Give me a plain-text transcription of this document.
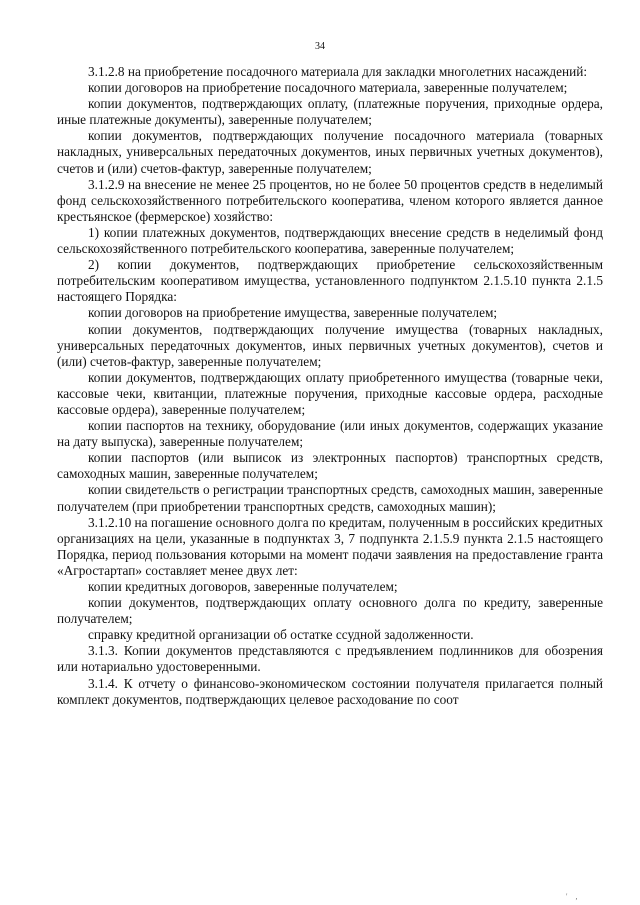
34

3.1.2.8 на приобретение посадочного материала для закладки многолетних насаждений:

копии договоров на приобретение посадочного материала, заверенные получателем;

копии документов, подтверждающих оплату, (платежные поручения, приходные ордера, иные платежные документы), заверенные получателем;

копии документов, подтверждающих получение посадочного материала (товарных накладных, универсальных передаточных документов, иных первичных учетных документов), счетов и (или) счетов-фактур, заверенные получателем;

3.1.2.9 на внесение не менее 25 процентов, но не более 50 процентов средств в неделимый фонд сельскохозяйственного потребительского кооператива, членом которого является данное крестьянское (фермерское) хозяйство:

1) копии платежных документов, подтверждающих внесение средств в неделимый фонд сельскохозяйственного потребительского кооператива, заверенные получателем;

2) копии документов, подтверждающих приобретение сельскохозяйственным потребительским кооперативом имущества, установленного подпунктом 2.1.5.10 пункта 2.1.5 настоящего Порядка:

копии договоров на приобретение имущества, заверенные получателем;

копии документов, подтверждающих получение имущества (товарных накладных, универсальных передаточных документов, иных первичных учетных документов), счетов и (или) счетов-фактур, заверенные получателем;

копии документов, подтверждающих оплату приобретенного имущества (товарные чеки, кассовые чеки, квитанции, платежные поручения, приходные кассовые ордера, расходные кассовые ордера), заверенные получателем;

копии паспортов на технику, оборудование (или иных документов, содержащих указание на дату выпуска), заверенные получателем;

копии паспортов (или выписок из электронных паспортов) транспортных средств, самоходных машин, заверенные получателем;

копии свидетельств о регистрации транспортных средств, самоходных машин, заверенные получателем (при приобретении транспортных средств, самоходных машин);

3.1.2.10 на погашение основного долга по кредитам, полученным в российских кредитных организациях на цели, указанные в подпунктах 3, 7 подпункта 2.1.5.9 пункта 2.1.5 настоящего Порядка, период пользования которыми на момент подачи заявления на предоставление гранта «Агростартап» составляет менее двух лет:

копии кредитных договоров, заверенные получателем;

копии документов, подтверждающих оплату основного долга по кредиту, заверенные получателем;

справку кредитной организации об остатке ссудной задолженности.

3.1.3. Копии документов представляются с предъявлением подлинников для обозрения или нотариально удостоверенными.

3.1.4. К отчету о финансово-экономическом состоянии получателя прилагается полный комплект документов, подтверждающих целевое расходование по соот

' ,
